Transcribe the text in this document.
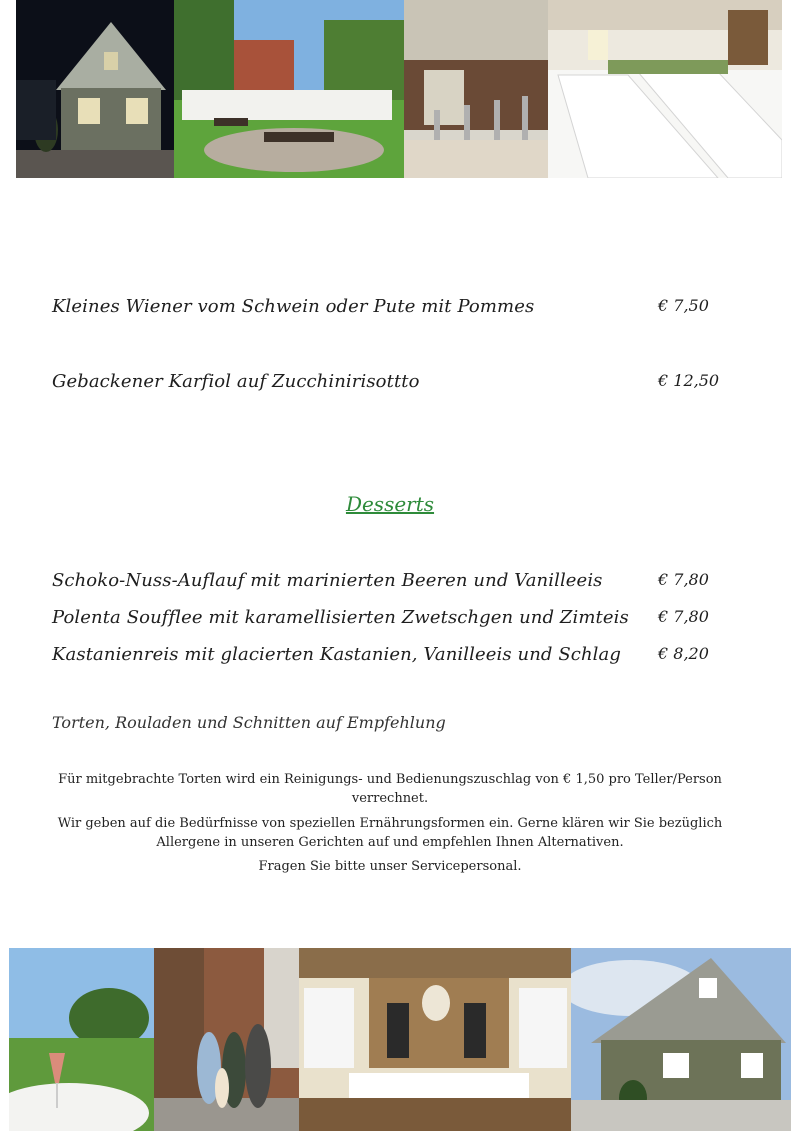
Kleines Wiener vom Schwein oder Pute mit Pommes	€ 7,50
Gebackener Karfiol auf Zucchinirisottto	€ 12,50
Desserts
Schoko-Nuss-Auflauf mit marinierten Beeren und Vanilleeis	€ 7,80
Polenta Soufflee mit karamellisierten Zwetschgen und Zimteis € 7,80
Kastanienreis mit glacierten Kastanien, Vanilleeis und Schlag € 8,20
Torten, Rouladen und Schnitten auf Empfehlung

Für mitgebrachte Torten wird ein Reinigungs- und Bedienungszuschlag von € 1,50 pro Teller/Person verrechnet.

Wir geben auf die Bedürfnisse von speziellen Ernährungsformen ein. Gerne klären wir Sie bezüglich Allergene in unseren Gerichten auf und empfehlen Ihnen Alternativen.

Fragen Sie bitte unser Servicepersonal.
